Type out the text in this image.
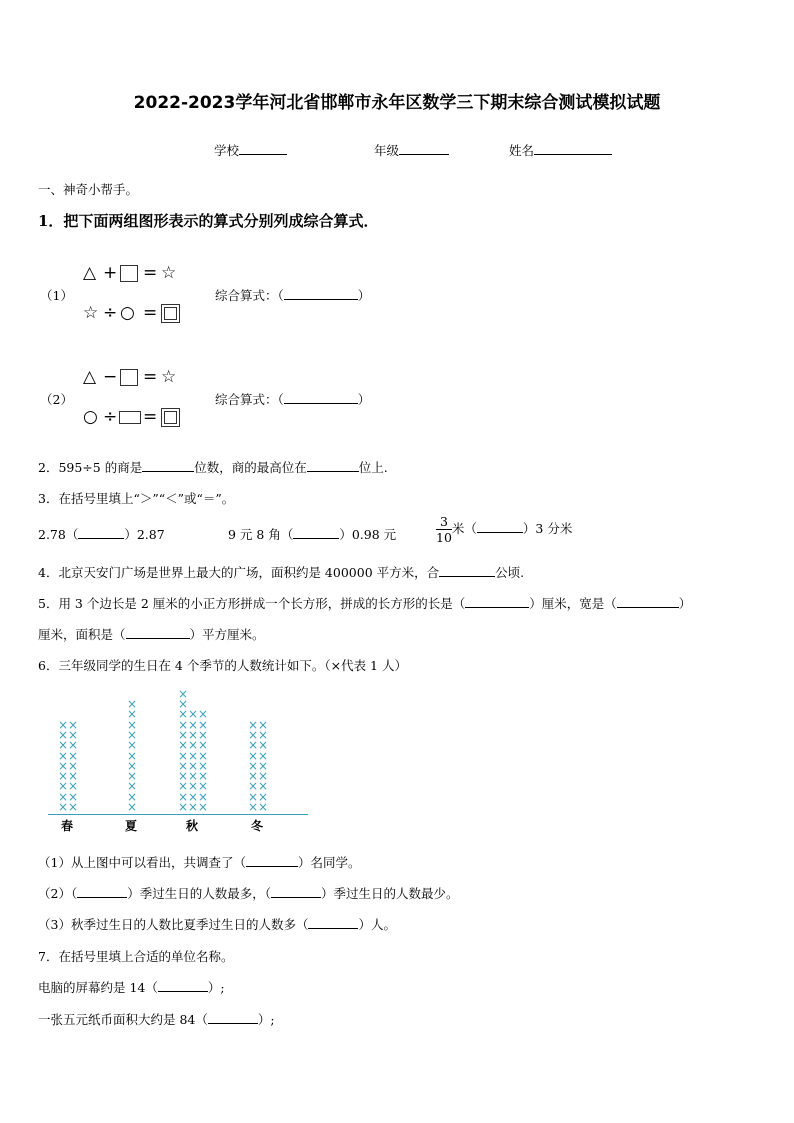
2022-2023学年河北省邯郸市永年区数学三下期末综合测试模拟试题
学校	年级	姓名
一、神奇小帮手。
1．把下面两组图形表示的算式分别列成综合算式．
（1）
△ + = ☆
☆ ÷ ○ =
综合算式：（	）
（2）
△ − = ☆
○ ÷ =
综合算式：（	）
2．595÷5 的商是	位数，商的最高位在	位上.
3．在括号里填上“＞”“＜”或“＝”。
2.78（	）2.87	9 元 8 角（	）0.98 元	$\frac{3}{10}$ 米（	）3 分米
4．北京天安门广场是世界上最大的广场，面积约是 400000 平方米，合	公顷.
5．用 3 个边长是 2 厘米的小正方形拼成一个长方形，拼成的长方形的长是（	）厘米，宽是（	）
厘米，面积是（	）平方厘米。
6．三年级同学的生日在 4 个季节的人数统计如下。（×代表 1 人）
×
×
×
×
×
×
×
×
×
×
×
×
×
×
×
×
×
×
春
×
×
×
×
×
×
×
×
×
×
×
夏
×
×
×
×
×
×
×
×
×
×
×
×
×
×
×
×
×
×
×
×
×
×
×
×
×
×
×
×
×
×
×
×
秋
×
×
×
×
×
×
×
×
×
×
×
×
×
×
×
×
×
×
冬
（1）从上图中可以看出，共调查了（	）名同学。
（2）（	）季过生日的人数最多，（	）季过生日的人数最少。
（3）秋季过生日的人数比夏季过生日的人数多（	）人。
7．在括号里填上合适的单位名称。
电脑的屏幕约是 14（	）;
一张五元纸币面积大约是 84（	）;
